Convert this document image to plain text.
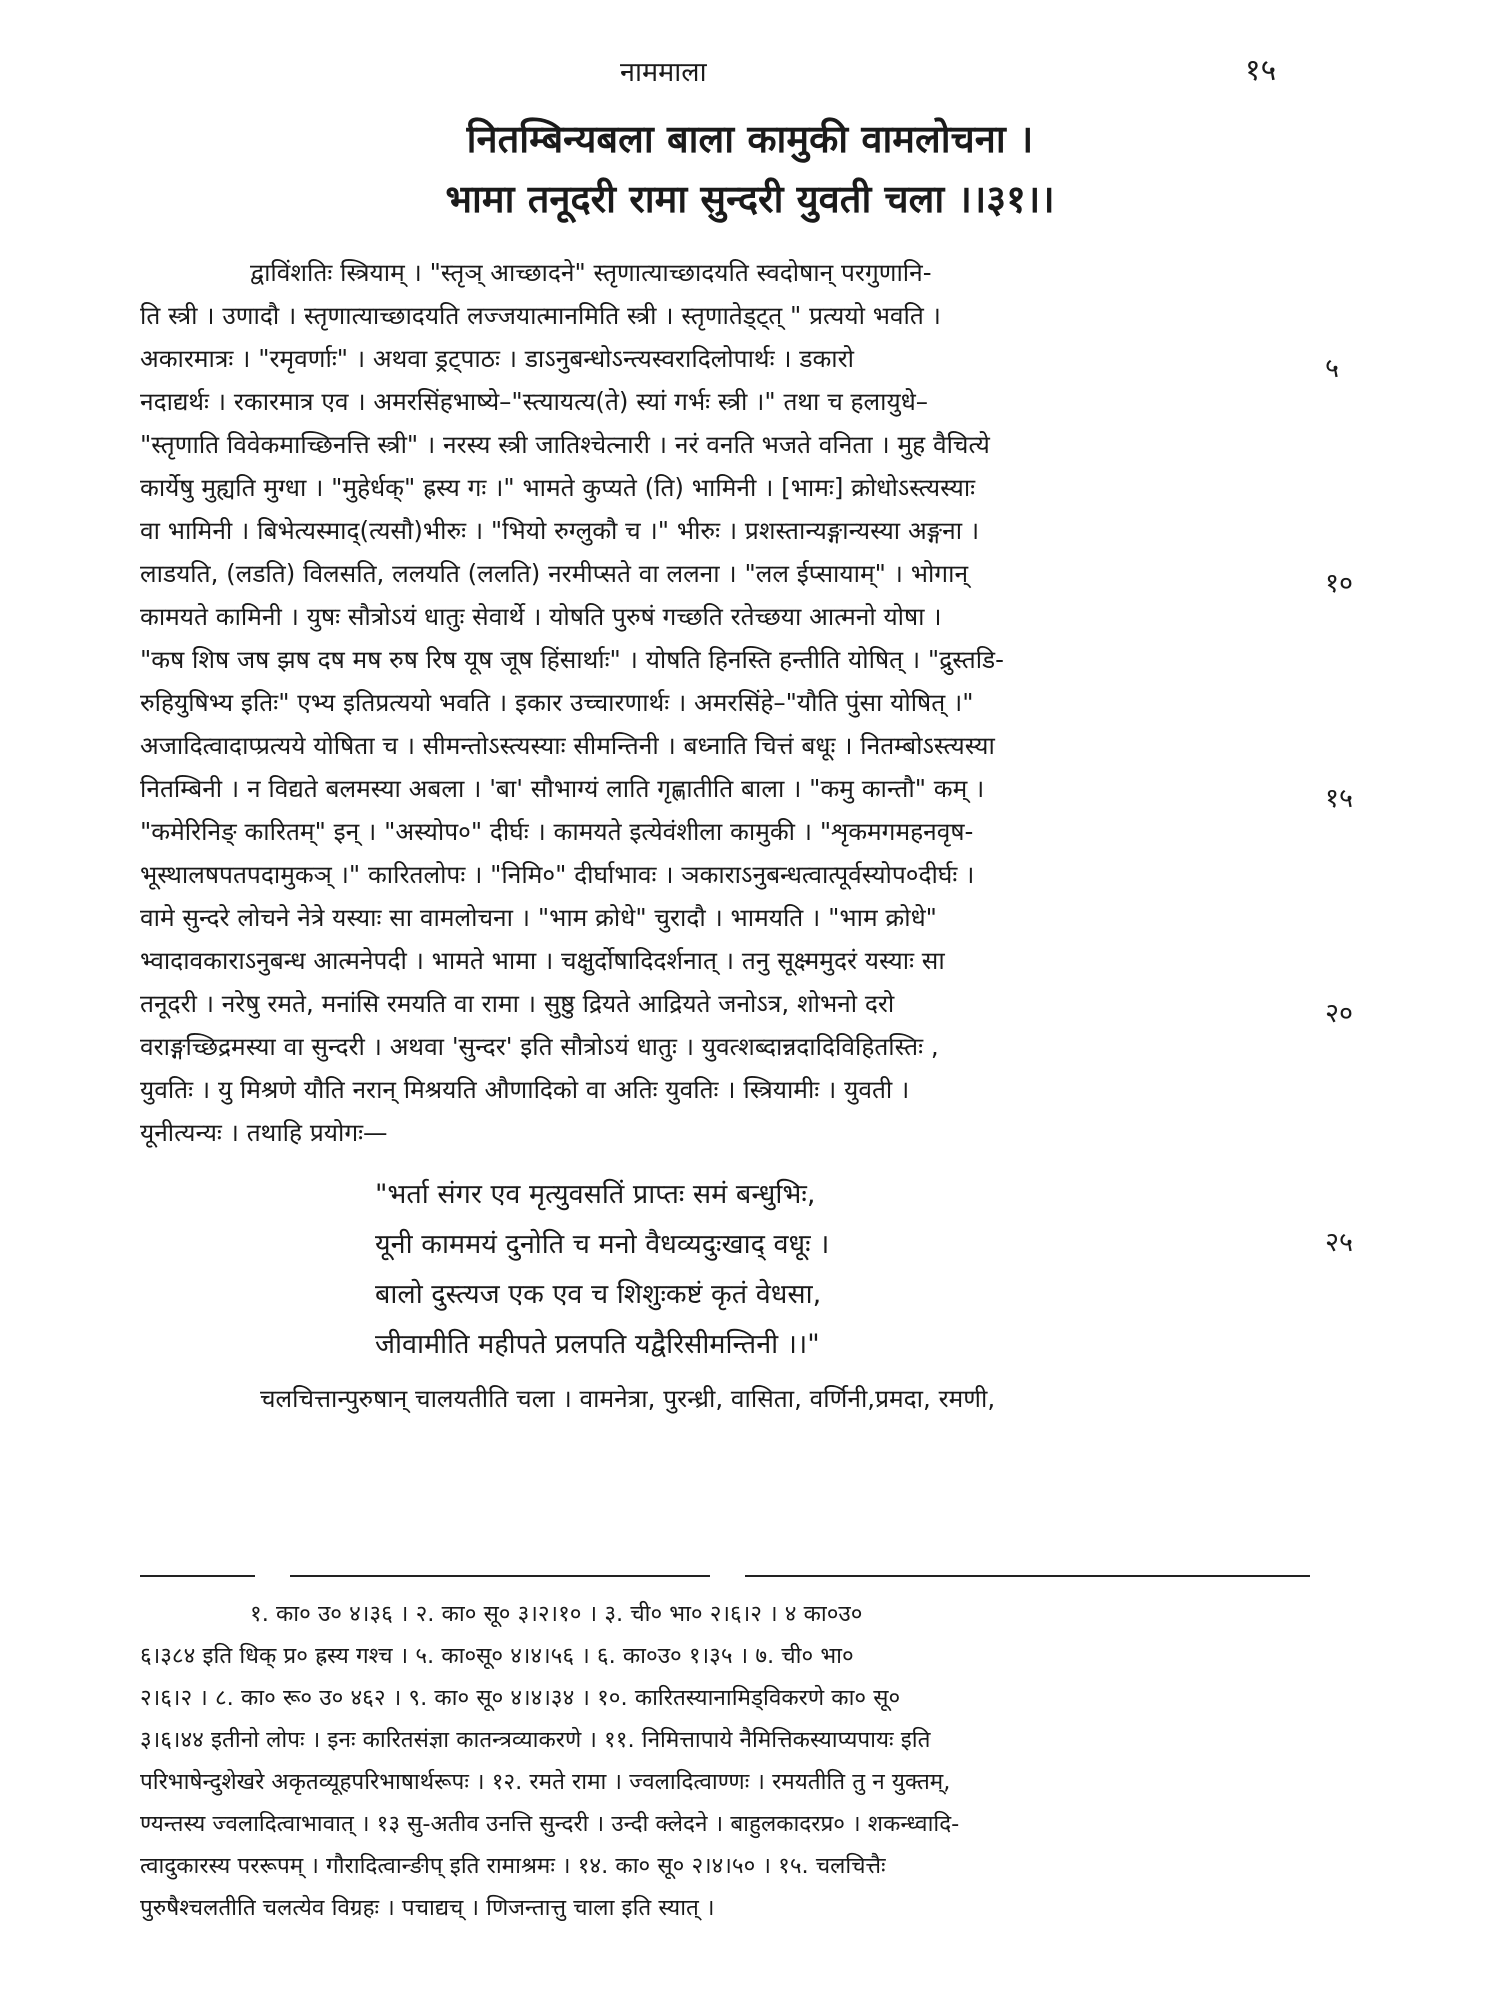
नाममाला	१५
नितम्बिन्यबला बाला कामुकी वामलोचना ।
भामा तनूदरी रामा सुन्दरी युवती चला ।।३१।।
द्वाविंशतिः स्त्रियाम् । "स्तृञ् आच्छादने" स्तृणात्याच्छादयति स्वदोषान् परगुणानि-
ति स्त्री । उणादौ । स्तृणात्याच्छादयति लज्जयात्मानमिति स्त्री । स्तृणातेड्ट्त् " प्रत्ययो भवति ।
अकारमात्रः । "रमृवर्णाः" । अथवा ड्रट्पाठः । डाऽनुबन्धोऽन्त्यस्वरादिलोपार्थः । डकारो
नदाद्यर्थः । रकारमात्र एव । अमरसिंहभाष्ये–"स्त्यायत्य(ते) स्यां गर्भः स्त्री ।" तथा च हलायुधे–
"स्तृणाति विवेकमाच्छिनत्ति स्त्री" । नरस्य स्त्री जातिश्चेत्नारी । नरं वनति भजते वनिता । मुह वैचित्ये
कार्येषु मुह्यति मुग्धा । "मुहेर्धक्" ह्रस्य गः ।" भामते कुप्यते (ति) भामिनी । [भामः] क्रोधोऽस्त्यस्याः
वा भामिनी । बिभेत्यस्माद्(त्यसौ)भीरुः । "भियो रुग्लुकौ च ।" भीरुः । प्रशस्तान्यङ्गान्यस्या अङ्गना ।
लाडयति, (लडति) विलसति, ललयति (ललति) नरमीप्सते वा ललना । "लल ईप्सायाम्" । भोगान्
कामयते कामिनी । युषः सौत्रोऽयं धातुः सेवार्थे । योषति पुरुषं गच्छति रतेच्छया आत्मनो योषा ।
"कष शिष जष झष दष मष रुष रिष यूष जूष हिंसार्थाः" । योषति हिनस्ति हन्तीति योषित् । "द्रुस्तडि-
रुहियुषिभ्य इतिः" एभ्य इतिप्रत्ययो भवति । इकार उच्चारणार्थः । अमरसिंहे–"यौति पुंसा योषित् ।"
अजादित्वादाप्प्रत्यये योषिता च । सीमन्तोऽस्त्यस्याः सीमन्तिनी । बध्नाति चित्तं बधूः । नितम्बोऽस्त्यस्या
नितम्बिनी । न विद्यते बलमस्या अबला । 'बा' सौभाग्यं लाति गृह्णातीति बाला । "कमु कान्तौ" कम् ।
"कमेरिनिङ् कारितम्" इन् । "अस्योप०" दीर्घः । कामयते इत्येवंशीला कामुकी । "शृकमगमहनवृष-
भूस्थालषपतपदामुकञ् ।" कारितलोपः । "निमि०" दीर्घाभावः । ञकाराऽनुबन्धत्वात्पूर्वस्योप०दीर्घः ।
वामे सुन्दरे लोचने नेत्रे यस्याः सा वामलोचना । "भाम क्रोधे" चुरादौ । भामयति । "भाम क्रोधे"
भ्वादावकाराऽनुबन्ध आत्मनेपदी । भामते भामा । चक्षुर्दोषादिदर्शनात् । तनु सूक्ष्ममुदरं यस्याः सा
तनूदरी । नरेषु रमते, मनांसि रमयति वा रामा । सुष्ठु द्रियते आद्रियते जनोऽत्र, शोभनो दरो
वराङ्गच्छिद्रमस्या वा सुन्दरी । अथवा 'सुन्दर' इति सौत्रोऽयं धातुः । युवत्शब्दान्नदादिविहितस्तिः ,
युवतिः । यु मिश्रणे यौति नरान् मिश्रयति औणादिको वा अतिः युवतिः । स्त्रियामीः । युवती ।
यूनीत्यन्यः । तथाहि प्रयोगः—
५
१०
१५
२०
२५
"भर्ता संगर एव मृत्युवसतिं प्राप्तः समं बन्धुभिः,
यूनी काममयं दुनोति च मनो वैधव्यदुःखाद् वधूः ।
बालो दुस्त्यज एक एव च शिशुःकष्टं कृतं वेधसा,
जीवामीति महीपते प्रलपति यद्वैरिसीमन्तिनी ।।"
चलचित्तान्पुरुषान् चालयतीति चला । वामनेत्रा, पुरन्ध्री, वासिता, वर्णिनी,प्रमदा, रमणी,
१. का० उ० ४।३६ । २. का० सू० ३।२।१० । ३. ची० भा० २।६।२ । ४ का०उ०
६।३८४ इति धिक् प्र० ह्रस्य गश्च । ५. का०सू० ४।४।५६ । ६. का०उ० १।३५ । ७. ची० भा०
२।६।२ । ८. का० रू० उ० ४६२ । ९. का० सू० ४।४।३४ । १०. कारितस्यानामिड्विकरणे का० सू०
३।६।४४ इतीनो लोपः । इनः कारितसंज्ञा कातन्त्रव्याकरणे । ११. निमित्तापाये नैमित्तिकस्याप्यपायः इति
परिभाषेन्दुशेखरे अकृतव्यूहपरिभाषार्थरूपः । १२. रमते रामा । ज्वलादित्वाण्णः । रमयतीति तु न युक्तम्,
ण्यन्तस्य ज्वलादित्वाभावात् । १३ सु-अतीव उनत्ति सुन्दरी । उन्दी क्लेदने । बाहुलकादरप्र० । शकन्ध्वादि-
त्वादुकारस्य पररूपम् । गौरादित्वान्ङीप् इति रामाश्रमः । १४. का० सू० २।४।५० । १५. चलचित्तैः
पुरुषैश्चलतीति चलत्येव विग्रहः । पचाद्यच् । णिजन्तात्तु चाला इति स्यात् ।
